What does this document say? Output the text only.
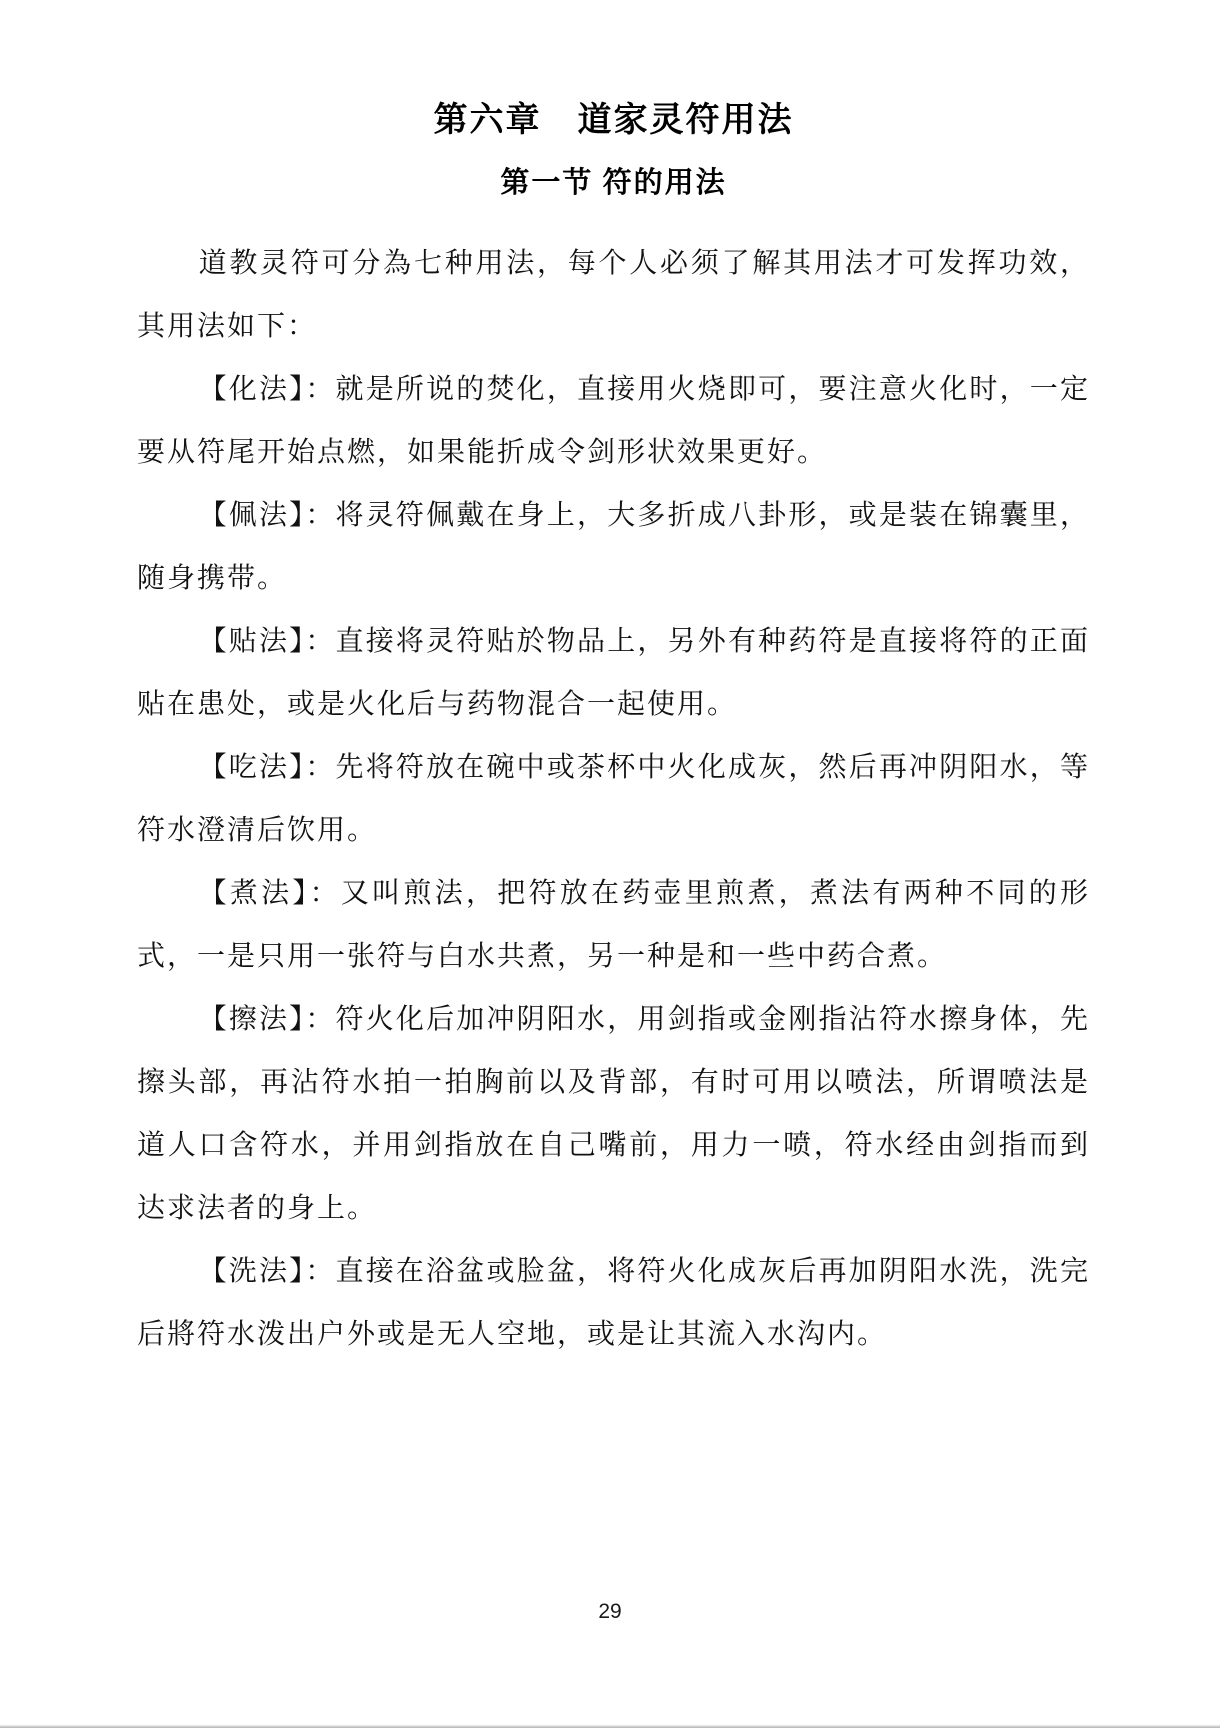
第六章　道家灵符用法
第一节 符的用法

道教灵符可分為七种用法，每个人必须了解其用法才可发挥功效，其用法如下：

【化法】：就是所说的焚化，直接用火烧即可，要注意火化时，一定要从符尾开始点燃，如果能折成令剑形状效果更好。

【佩法】：将灵符佩戴在身上，大多折成八卦形，或是装在锦囊里，随身携带。

【贴法】：直接将灵符贴於物品上，另外有种药符是直接将符的正面贴在患处，或是火化后与药物混合一起使用。

【吃法】：先将符放在碗中或茶杯中火化成灰，然后再冲阴阳水，等符水澄清后饮用。

【煮法】：又叫煎法，把符放在药壶里煎煮，煮法有两种不同的形式，一是只用一张符与白水共煮，另一种是和一些中药合煮。

【擦法】：符火化后加冲阴阳水，用剑指或金刚指沾符水擦身体，先擦头部，再沾符水拍一拍胸前以及背部，有时可用以喷法，所谓喷法是道人口含符水，并用剑指放在自己嘴前，用力一喷，符水经由剑指而到达求法者的身上。

【洗法】：直接在浴盆或脸盆，将符火化成灰后再加阴阳水洗，洗完后將符水泼出户外或是无人空地，或是让其流入水沟内。

29
